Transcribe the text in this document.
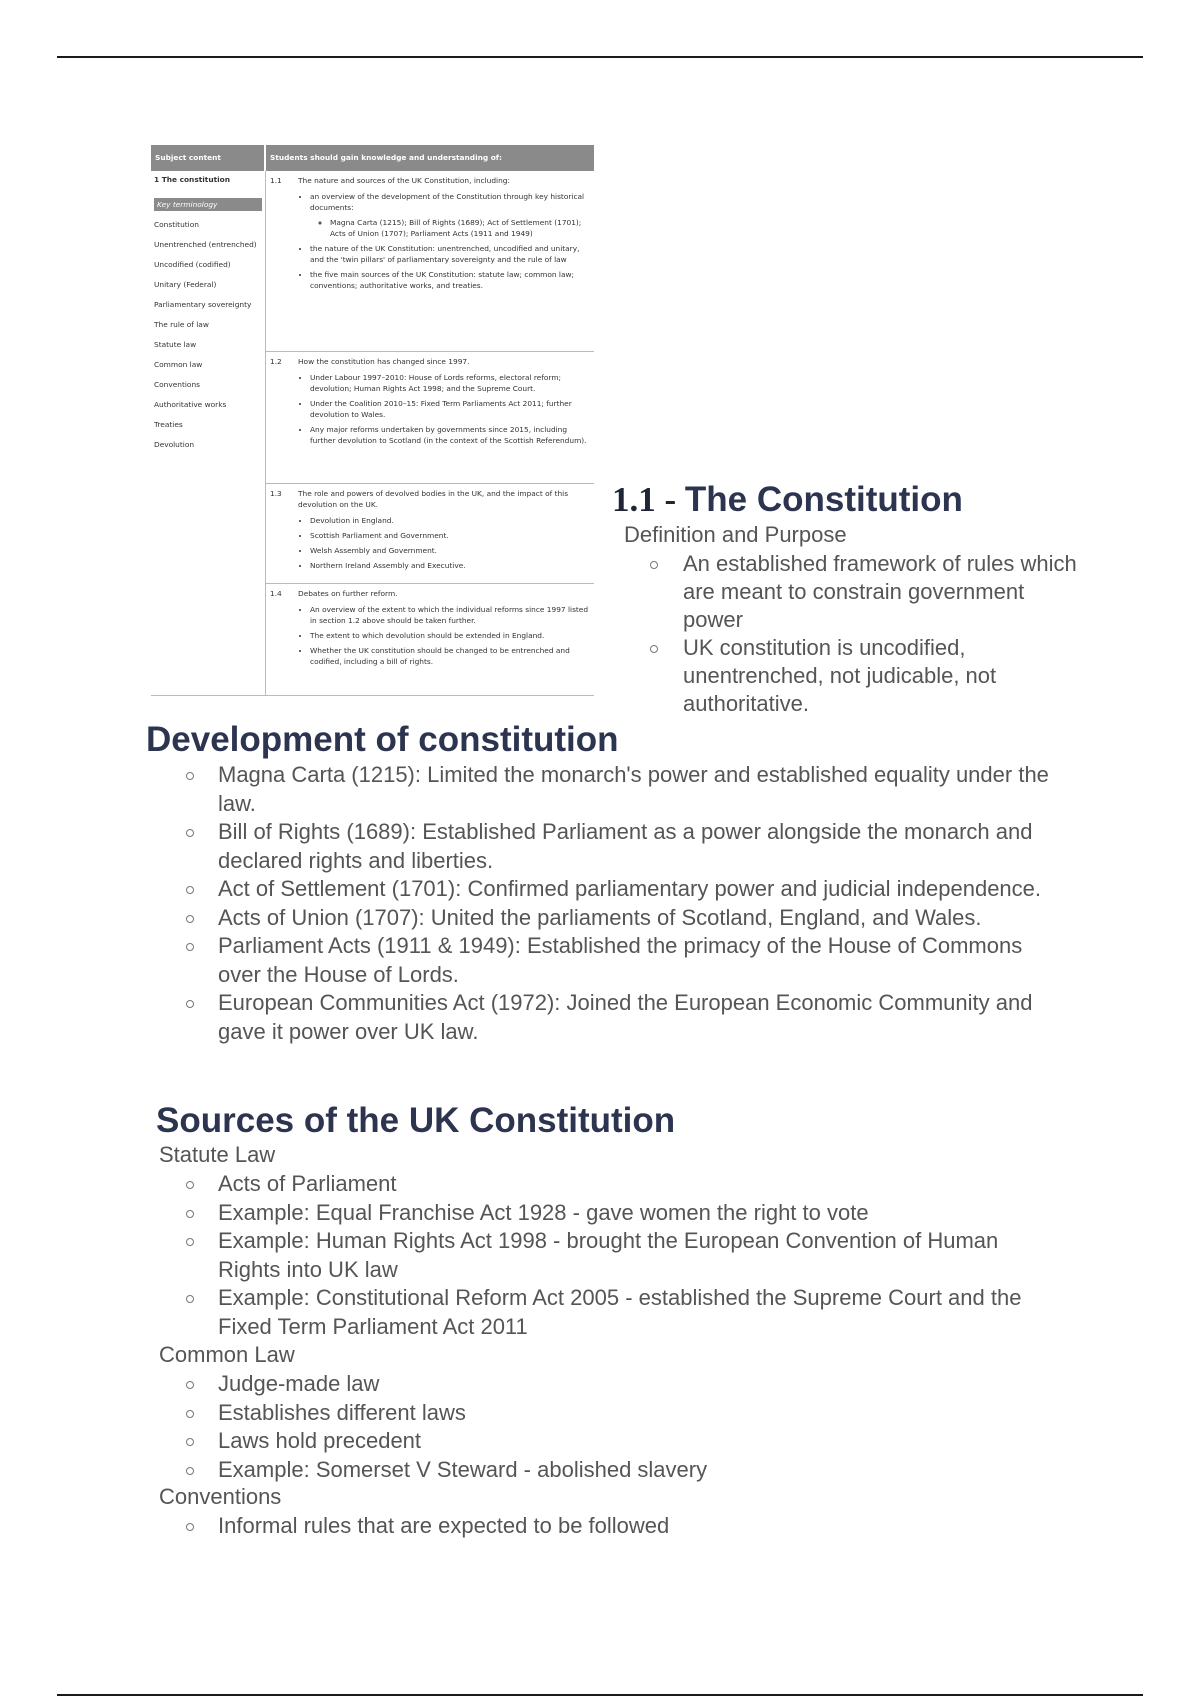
Subject content	Students should gain knowledge and understanding of:
1 The constitution
Key terminology
Constitution
Unentrenched (entrenched)
Uncodified (codified)
Unitary (Federal)
Parliamentary sovereignty
The rule of law
Statute law
Common law
Conventions
Authoritative works
Treaties
Devolution
1.1	The nature and sources of the UK Constitution, including:
• an overview of the development of the Constitution through key historical documents:
◦ Magna Carta (1215); Bill of Rights (1689); Act of Settlement (1701); Acts of Union (1707); Parliament Acts (1911 and 1949)
• the nature of the UK Constitution: unentrenched, uncodified and unitary, and the 'twin pillars' of parliamentary sovereignty and the rule of law
• the five main sources of the UK Constitution: statute law; common law; conventions; authoritative works, and treaties.
1.2	How the constitution has changed since 1997.
• Under Labour 1997–2010: House of Lords reforms, electoral reform; devolution; Human Rights Act 1998; and the Supreme Court.
• Under the Coalition 2010–15: Fixed Term Parliaments Act 2011; further devolution to Wales.
• Any major reforms undertaken by governments since 2015, including further devolution to Scotland (in the context of the Scottish Referendum).
1.3	The role and powers of devolved bodies in the UK, and the impact of this devolution on the UK.
• Devolution in England.
• Scottish Parliament and Government.
• Welsh Assembly and Government.
• Northern Ireland Assembly and Executive.
1.4	Debates on further reform.
• An overview of the extent to which the individual reforms since 1997 listed in section 1.2 above should be taken further.
• The extent to which devolution should be extended in England.
• Whether the UK constitution should be changed to be entrenched and codified, including a bill of rights.
1.1 - The Constitution
Definition and Purpose
An established framework of rules which are meant to constrain government power
UK constitution is uncodified, unentrenched, not judicable, not authoritative.
Development of constitution
Magna Carta (1215): Limited the monarch's power and established equality under the law.
Bill of Rights (1689): Established Parliament as a power alongside the monarch and declared rights and liberties.
Act of Settlement (1701): Confirmed parliamentary power and judicial independence.
Acts of Union (1707): United the parliaments of Scotland, England, and Wales.
Parliament Acts (1911 & 1949): Established the primacy of the House of Commons over the House of Lords.
European Communities Act (1972): Joined the European Economic Community and gave it power over UK law.
Sources of the UK Constitution
Statute Law
Acts of Parliament
Example: Equal Franchise Act 1928 - gave women the right to vote
Example: Human Rights Act 1998 - brought the European Convention of Human Rights into UK law
Example: Constitutional Reform Act 2005 - established the Supreme Court and the Fixed Term Parliament Act 2011
Common Law
Judge-made law
Establishes different laws
Laws hold precedent
Example: Somerset V Steward - abolished slavery
Conventions
Informal rules that are expected to be followed
